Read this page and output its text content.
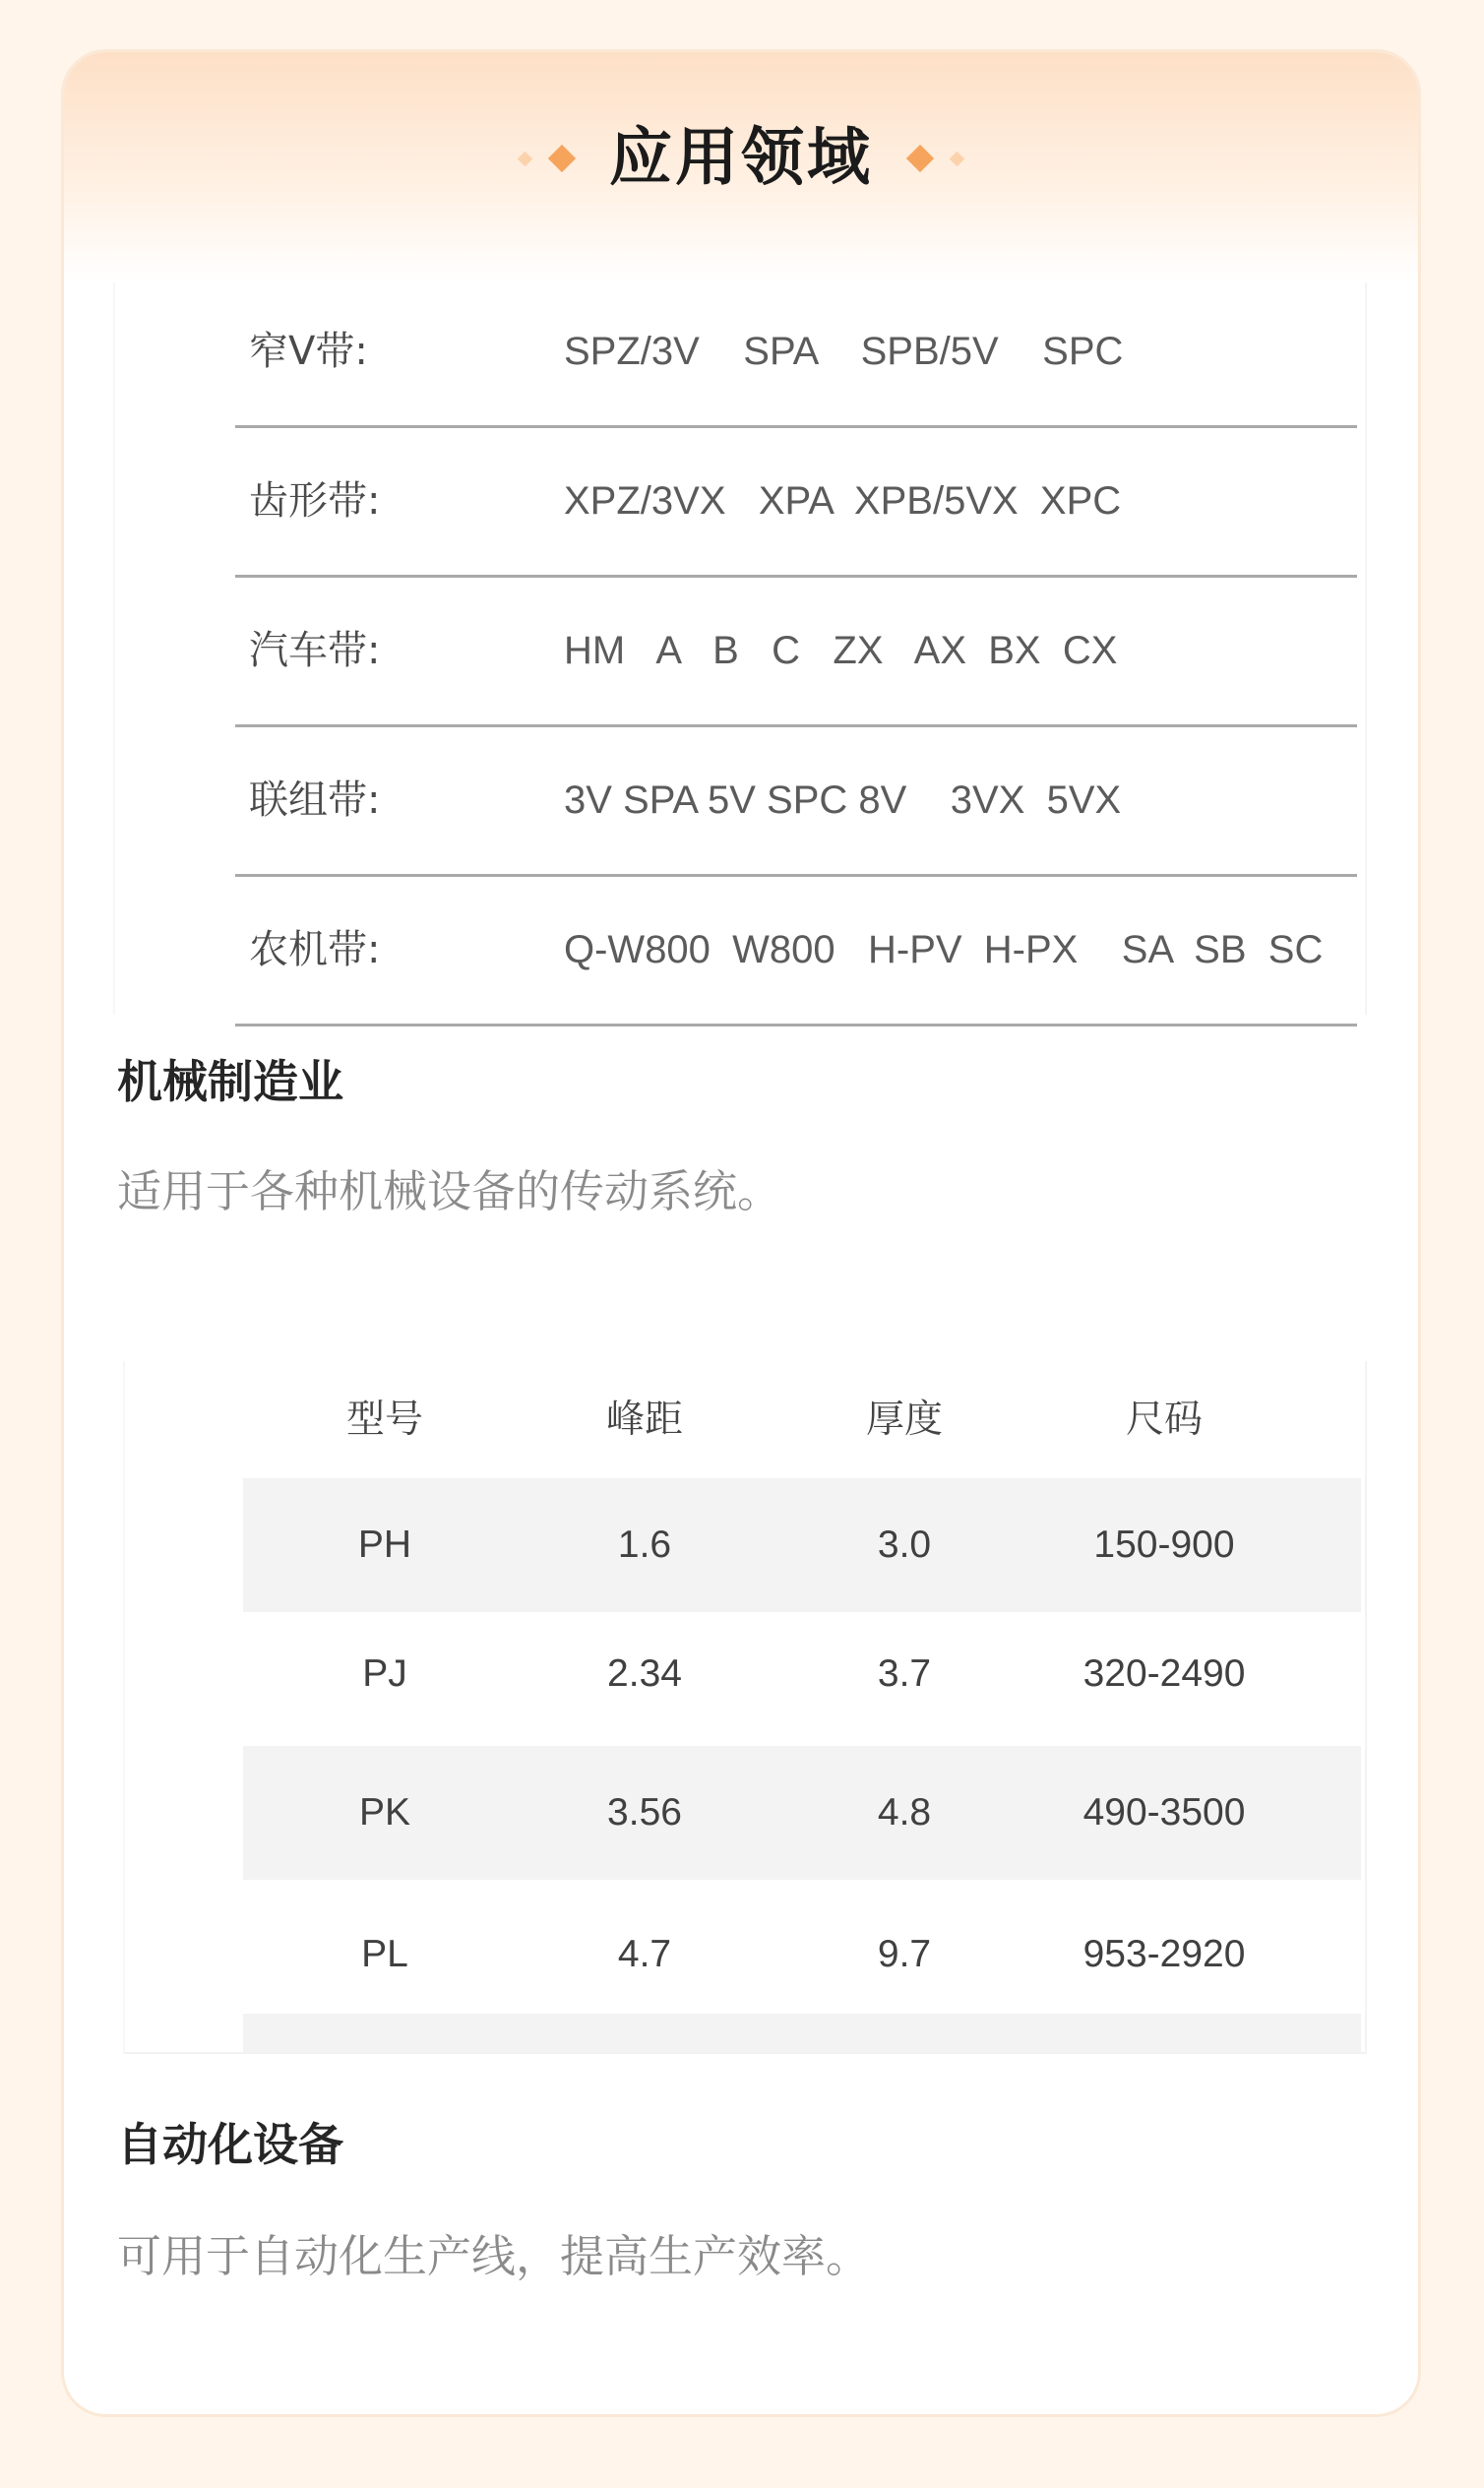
应用领域
窄V带:	SPZ/3V    SPA    SPB/5V    SPC
齿形带:	XPZ/3VX   XPA  XPB/5VX  XPC
汽车带:	HM   A   B   C   ZX   AX  BX  CX
联组带:	3V SPA 5V SPC 8V    3VX  5VX
农机带:	Q-W800  W800   H-PV  H-PX    SA  SB  SC
机械制造业
适用于各种机械设备的传动系统。
型号	峰距	厚度	尺码
PH	1.6	3.0	150-900
PJ	2.34	3.7	320-2490
PK	3.56	4.8	490-3500
PL	4.7	9.7	953-2920
自动化设备
可用于自动化生产线，提高生产效率。
